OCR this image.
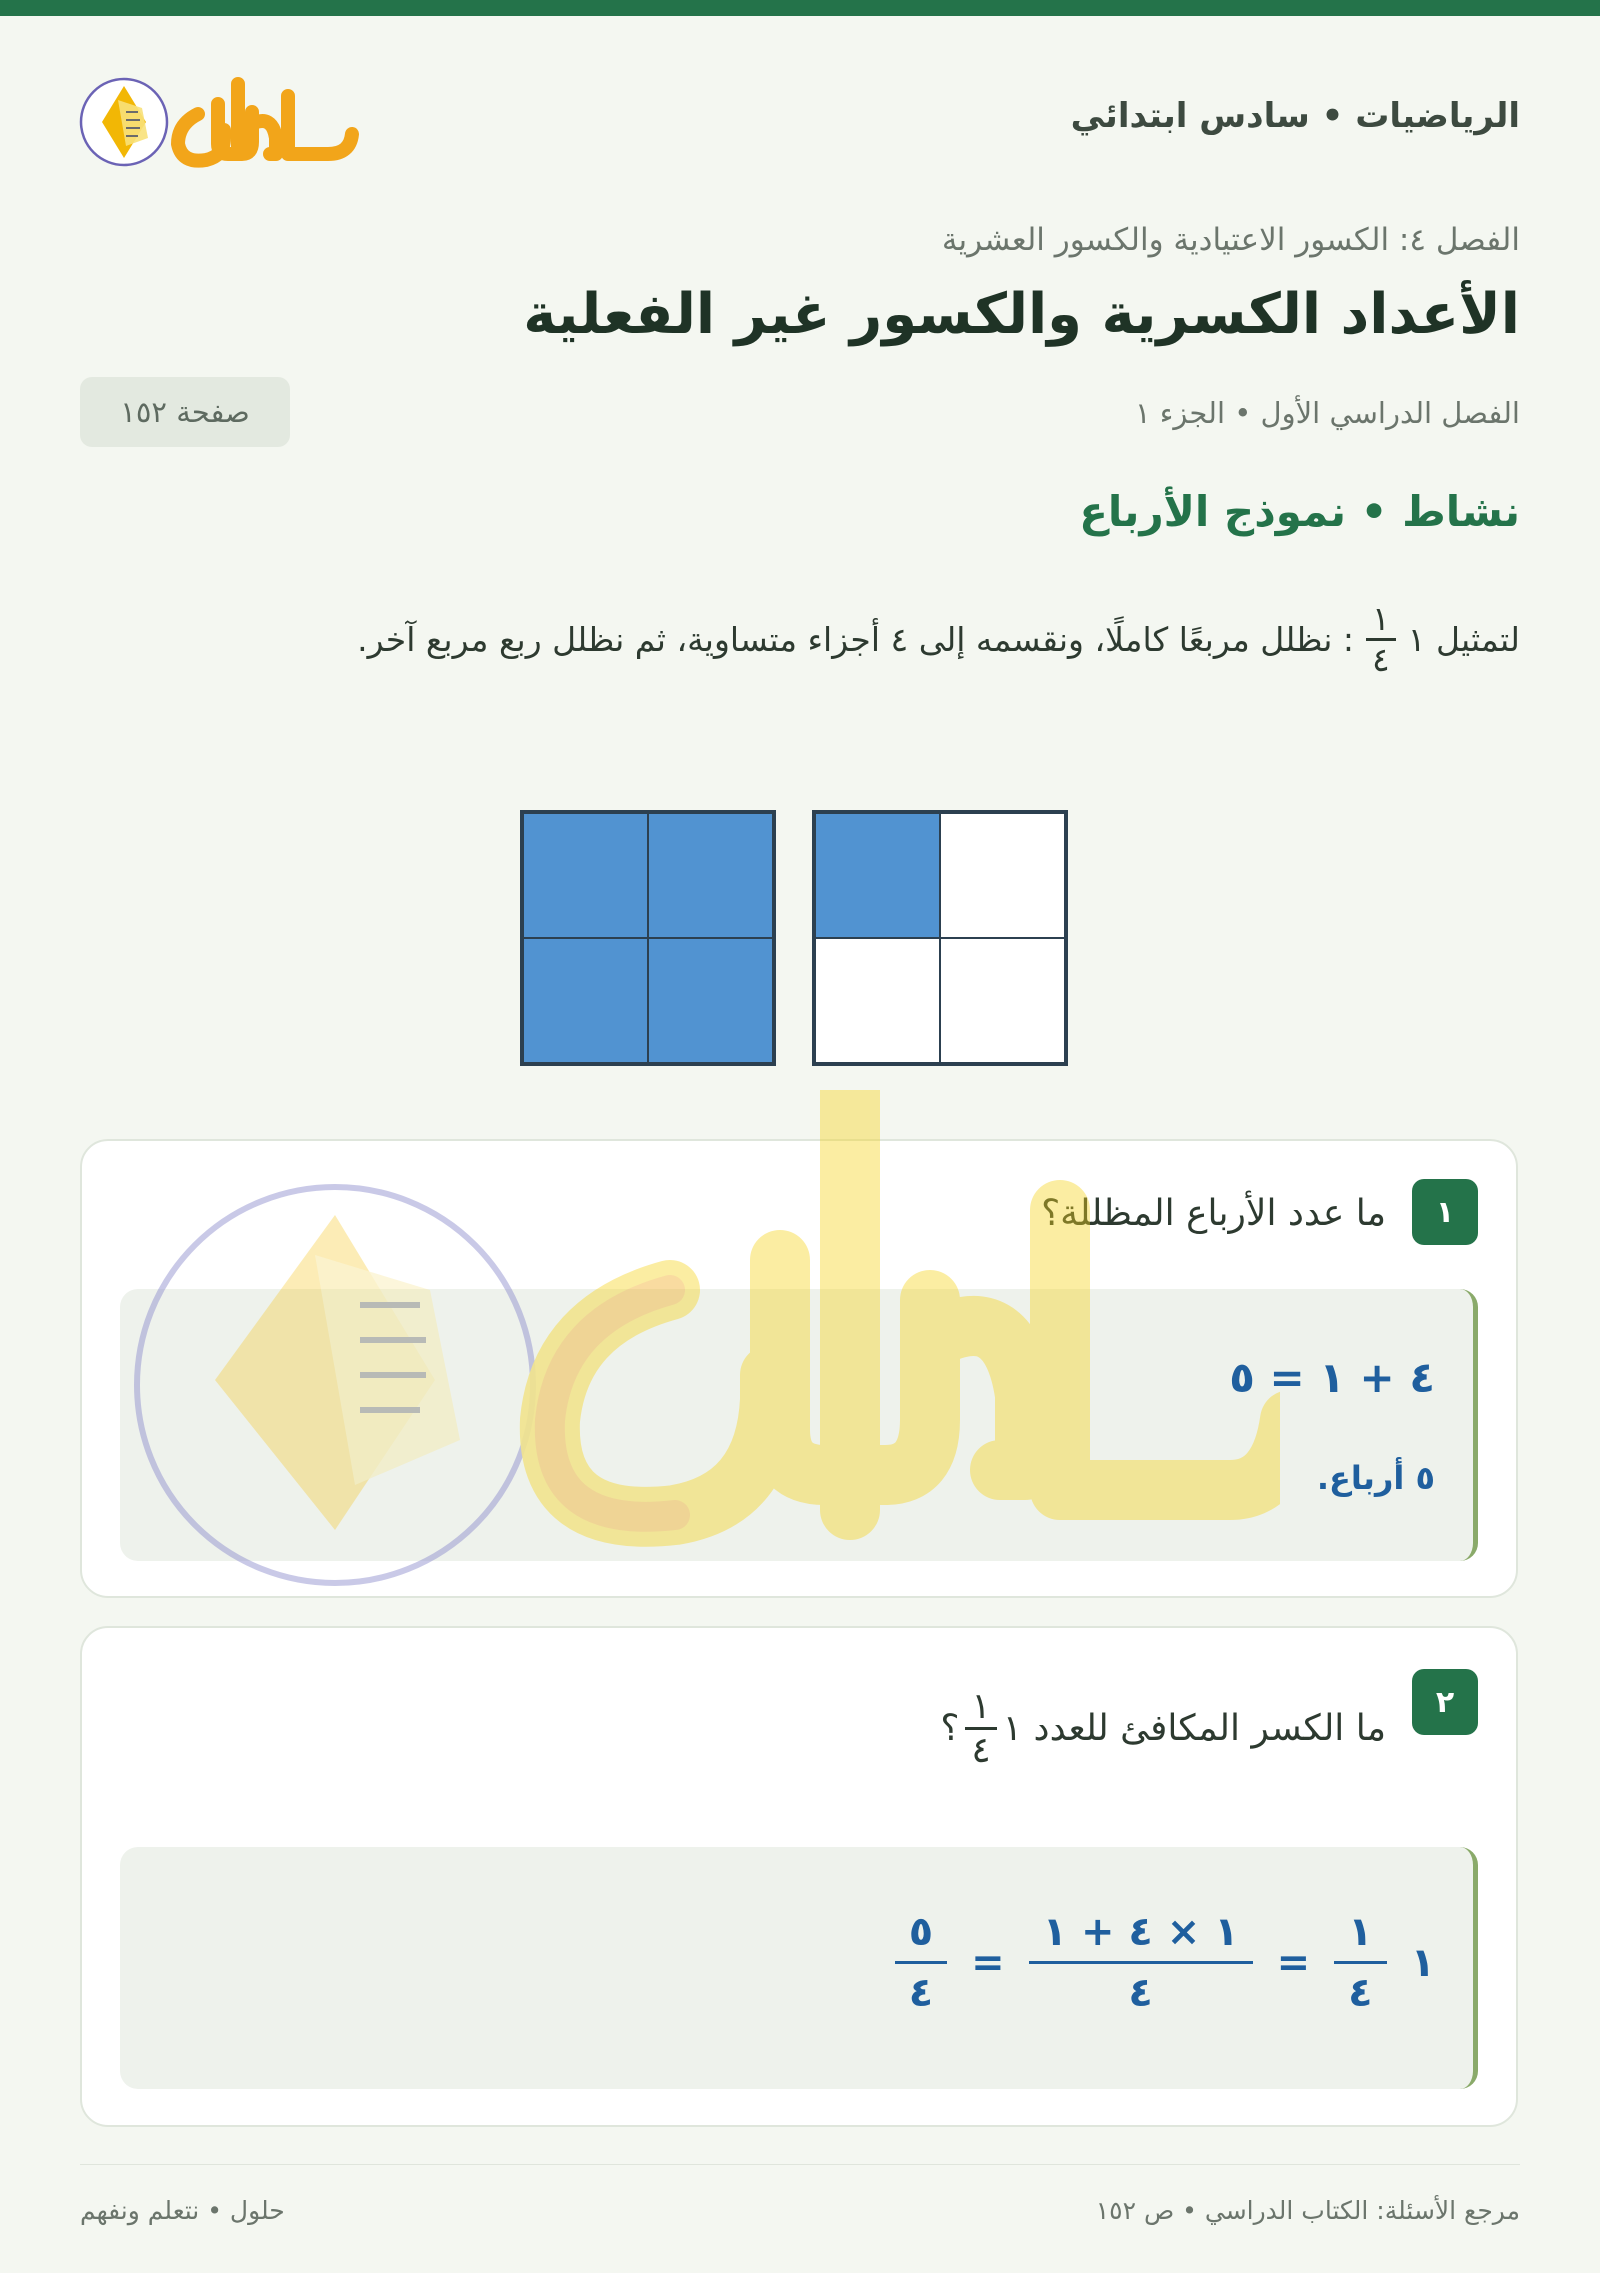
الرياضيات • سادس ابتدائي
الفصل ٤: الكسور الاعتيادية والكسور العشرية
الأعداد الكسرية والكسور غير الفعلية
الفصل الدراسي الأول • الجزء ١
صفحة ١٥٢
نشاط • نموذج الأرباع
لتمثيل ١
$\frac{١}{٤}$
: نظلل مربعًا كاملًا، ونقسمه إلى ٤ أجزاء متساوية، ثم نظلل ربع مربع آخر.
١
ما عدد الأرباع المظللة؟
٤ + ١ = ٥
٥ أرباع.
٢
ما الكسر المكافئ للعدد ١
$\frac{١}{٤}$
؟
١
$\frac{١}{٤}$
=
$\frac{١ \times ٤ + ١}{٤}$
=
$\frac{٥}{٤}$
مرجع الأسئلة: الكتاب الدراسي • ص ١٥٢
حلول • نتعلم ونفهم
